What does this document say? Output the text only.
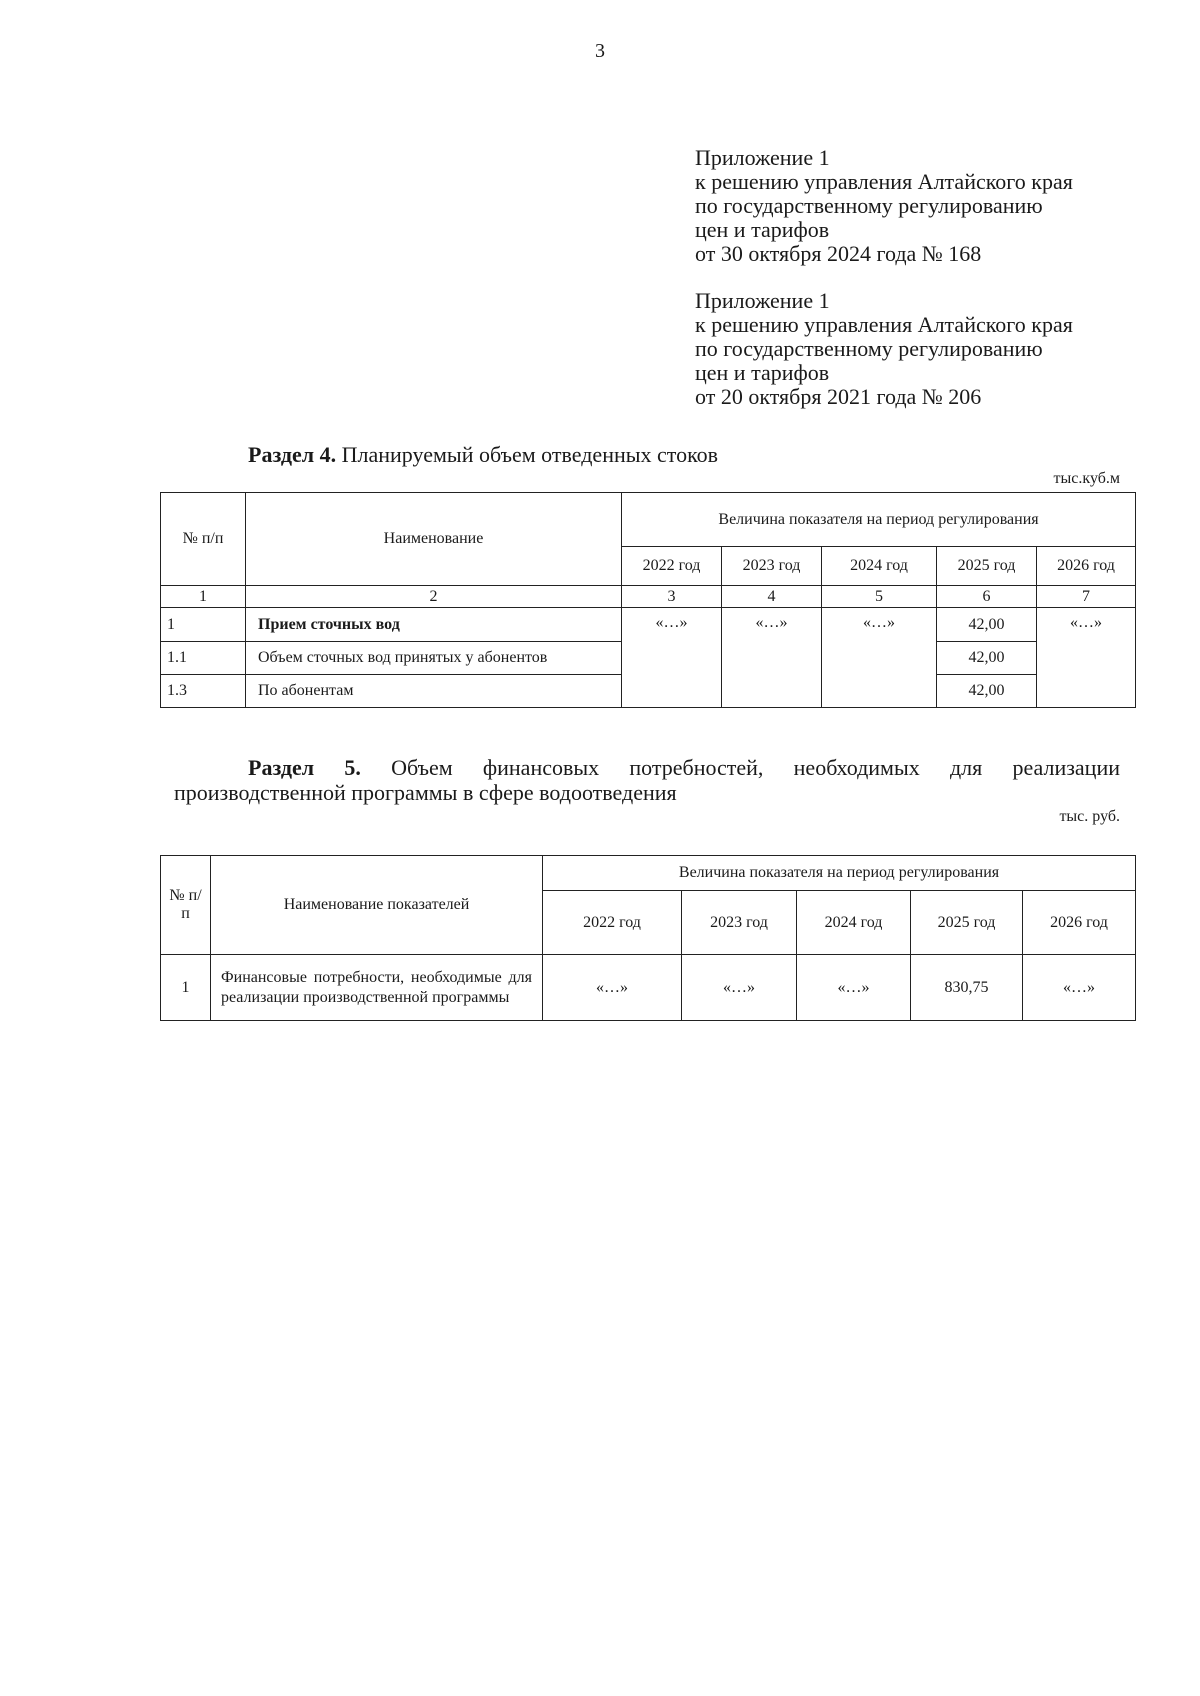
3
Приложение 1
к решению управления Алтайского края
по государственному регулированию
цен и тарифов
от 30 октября 2024 года № 168
Приложение 1
к решению управления Алтайского края
по государственному регулированию
цен и тарифов
от 20 октября 2021 года № 206
Раздел 4. Планируемый объем отведенных стоков
тыс.куб.м
№ п/п	Наименование	Величина показателя на период регулирования				
		2022 год	2023 год	2024 год	2025 год	2026 год
1	2	3	4	5	6	7
1	Прием сточных вод	«…»	«…»	«…»	42,00	«…»
1.1	Объем сточных вод принятых у абонентов				42,00	
1.3	По абонентам				42,00	
Раздел 5. Объем финансовых потребностей, необходимых для реализации производственной программы в сфере водоотведения
тыс. руб.
№ п/п	Наименование показателей	Величина показателя на период регулирования				
		2022 год	2023 год	2024 год	2025 год	2026 год
1	Финансовые потребности, необходимые для реализации производственной программы	«…»	«…»	«…»	830,75	«…»
